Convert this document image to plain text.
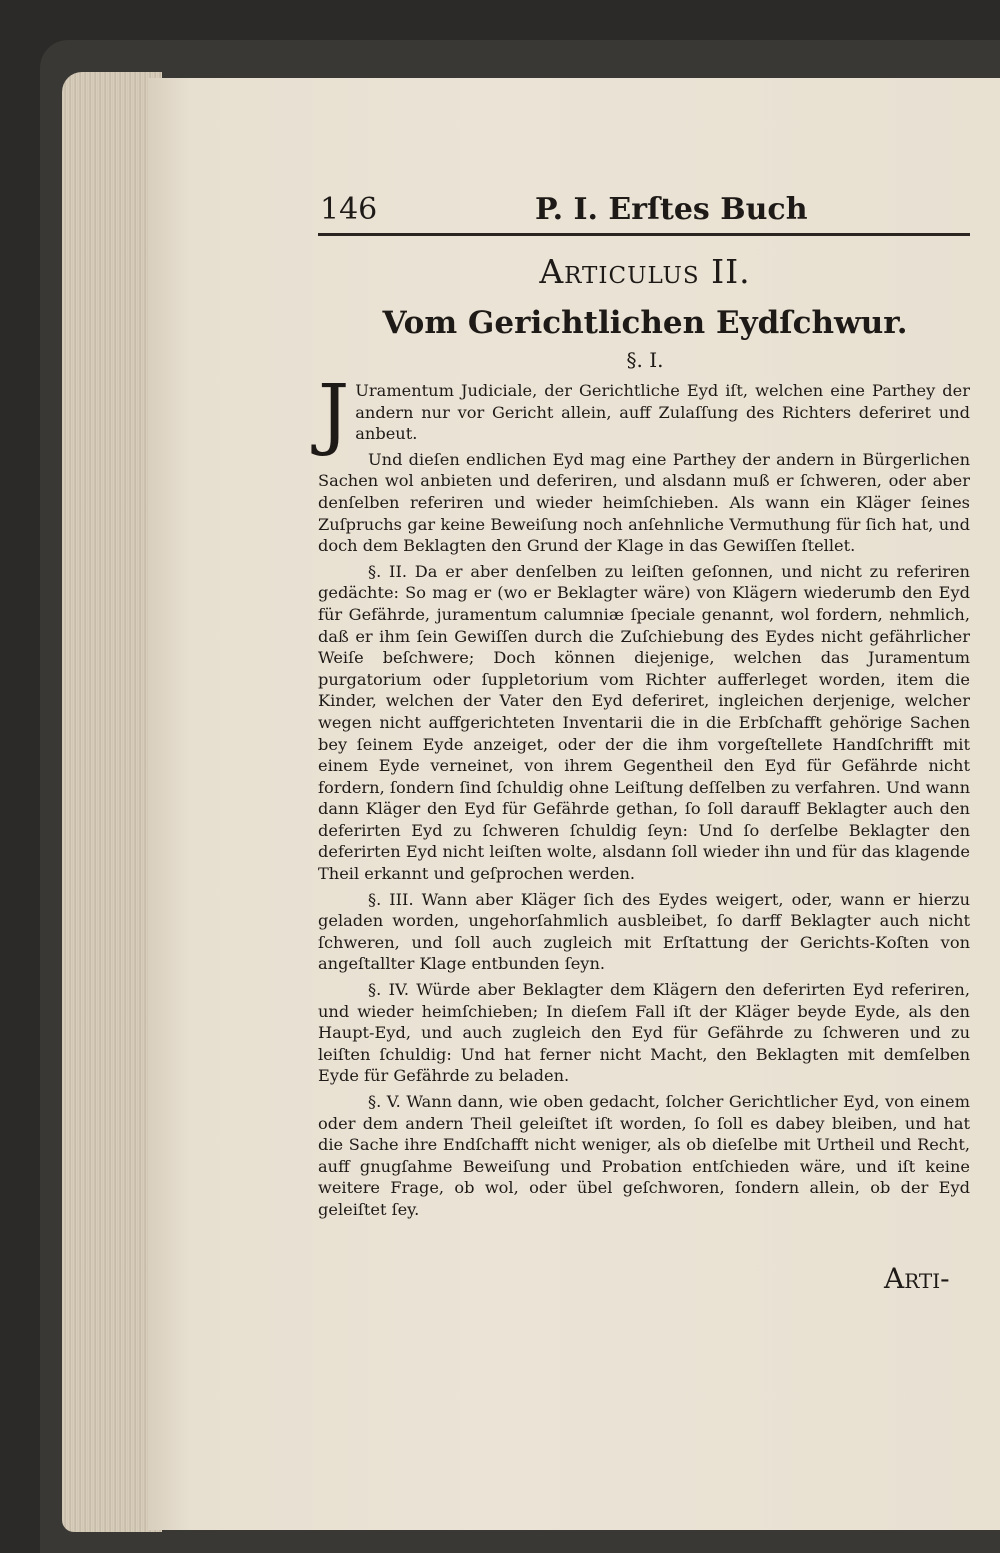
146	P. I. Erſtes Buch
Articulus II.
Vom Gerichtlichen Eydſchwur.
§. I.

J Uramentum Judiciale, der Gerichtliche Eyd iſt, welchen eine Parthey der andern nur vor Gericht allein, auff Zulaſſung des Richters deferiret und anbeut.

Und dieſen endlichen Eyd mag eine Parthey der andern in Bürgerlichen Sachen wol anbieten und deferiren, und alsdann muß er ſchweren, oder aber denſelben referiren und wieder heimſchieben. Als wann ein Kläger ſeines Zuſpruchs gar keine Beweiſung noch anſehnliche Vermuthung für ſich hat, und doch dem Beklagten den Grund der Klage in das Gewiſſen ſtellet.

§. II. Da er aber denſelben zu leiſten geſonnen, und nicht zu referiren gedächte: So mag er (wo er Beklagter wäre) von Klägern wiederumb den Eyd für Gefährde, juramentum calumniæ ſpeciale genannt, wol fordern, nehmlich, daß er ihm ſein Gewiſſen durch die Zuſchiebung des Eydes nicht gefährlicher Weiſe beſchwere; Doch können diejenige, welchen das Juramentum purgatorium oder ſuppletorium vom Richter aufferleget worden, item die Kinder, welchen der Vater den Eyd deferiret, ingleichen derjenige, welcher wegen nicht auffgerichteten Inventarii die in die Erbſchafft gehörige Sachen bey ſeinem Eyde anzeiget, oder der die ihm vorgeſtellete Handſchrifft mit einem Eyde verneinet, von ihrem Gegentheil den Eyd für Gefährde nicht fordern, ſondern ſind ſchuldig ohne Leiſtung deſſelben zu verfahren. Und wann dann Kläger den Eyd für Gefährde gethan, ſo ſoll darauff Beklagter auch den deferirten Eyd zu ſchweren ſchuldig ſeyn: Und ſo derſelbe Beklagter den deferirten Eyd nicht leiſten wolte, alsdann ſoll wieder ihn und für das klagende Theil erkannt und geſprochen werden.

§. III. Wann aber Kläger ſich des Eydes weigert, oder, wann er hierzu geladen worden, ungehorſahmlich ausbleibet, ſo darff Beklagter auch nicht ſchweren, und ſoll auch zugleich mit Erſtattung der Gerichts-Koſten von angeſtallter Klage entbunden ſeyn.

§. IV. Würde aber Beklagter dem Klägern den deferirten Eyd referiren, und wieder heimſchieben; In dieſem Fall iſt der Kläger beyde Eyde, als den Haupt-Eyd, und auch zugleich den Eyd für Gefährde zu ſchweren und zu leiſten ſchuldig: Und hat ferner nicht Macht, den Beklagten mit demſelben Eyde für Gefährde zu beladen.

§. V. Wann dann, wie oben gedacht, ſolcher Gerichtlicher Eyd, von einem oder dem andern Theil geleiſtet iſt worden, ſo ſoll es dabey bleiben, und hat die Sache ihre Endſchafft nicht weniger, als ob dieſelbe mit Urtheil und Recht, auff gnugſahme Beweiſung und Probation entſchieden wäre, und iſt keine weitere Frage, ob wol, oder übel geſchworen, ſondern allein, ob der Eyd geleiſtet ſey.

Arti-
